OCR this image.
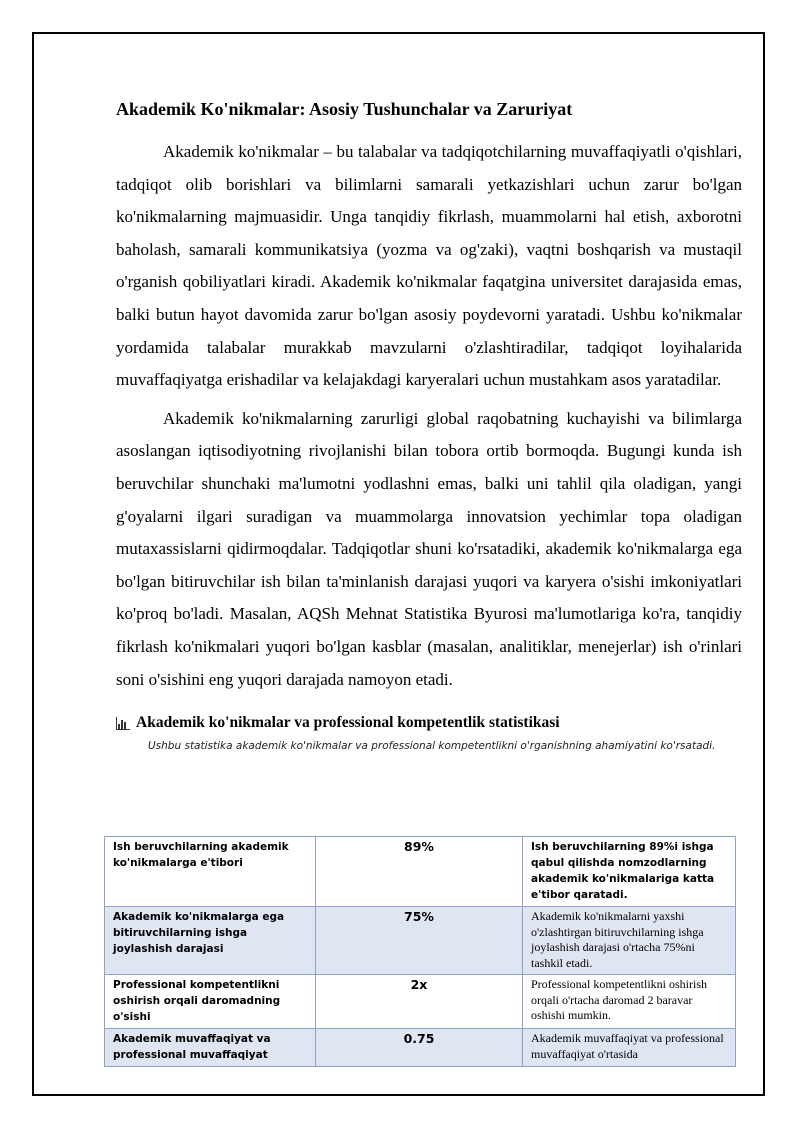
Akademik Ko'nikmalar: Asosiy Tushunchalar va Zaruriyat

Akademik ko'nikmalar – bu talabalar va tadqiqotchilarning muvaffaqiyatli o'qishlari, tadqiqot olib borishlari va bilimlarni samarali yetkazishlari uchun zarur bo'lgan ko'nikmalarning majmuasidir. Unga tanqidiy fikrlash, muammolarni hal etish, axborotni baholash, samarali kommunikatsiya (yozma va og'zaki), vaqtni boshqarish va mustaqil o'rganish qobiliyatlari kiradi. Akademik ko'nikmalar faqatgina universitet darajasida emas, balki butun hayot davomida zarur bo'lgan asosiy poydevorni yaratadi. Ushbu ko'nikmalar yordamida talabalar murakkab mavzularni o'zlashtiradilar, tadqiqot loyihalarida muvaffaqiyatga erishadilar va kelajakdagi karyeralari uchun mustahkam asos yaratadilar.

Akademik ko'nikmalarning zarurligi global raqobatning kuchayishi va bilimlarga asoslangan iqtisodiyotning rivojlanishi bilan tobora ortib bormoqda. Bugungi kunda ish beruvchilar shunchaki ma'lumotni yodlashni emas, balki uni tahlil qila oladigan, yangi g'oyalarni ilgari suradigan va muammolarga innovatsion yechimlar topa oladigan mutaxassislarni qidirmoqdalar. Tadqiqotlar shuni ko'rsatadiki, akademik ko'nikmalarga ega bo'lgan bitiruvchilar ish bilan ta'minlanish darajasi yuqori va karyera o'sishi imkoniyatlari ko'proq bo'ladi. Masalan, AQSh Mehnat Statistika Byurosi ma'lumotlariga ko'ra, tanqidiy fikrlash ko'nikmalari yuqori bo'lgan kasblar (masalan, analitiklar, menejerlar) ish o'rinlari soni o'sishini eng yuqori darajada namoyon etadi.

Akademik ko'nikmalar va professional kompetentlik statistikasi
Ushbu statistika akademik ko'nikmalar va professional kompetentlikni o'rganishning ahamiyatini ko'rsatadi.
Ish beruvchilarning akademik ko'nikmalarga e'tibori	89%	Ish beruvchilarning 89%i ishga qabul qilishda nomzodlarning akademik ko'nikmalariga katta e'tibor qaratadi.
Akademik ko'nikmalarga ega bitiruvchilarning ishga joylashish darajasi	75%	Akademik ko'nikmalarni yaxshi o'zlashtirgan bitiruvchilarning ishga joylashish darajasi o'rtacha 75%ni tashkil etadi.
Professional kompetentlikni oshirish orqali daromadning o'sishi	2x	Professional kompetentlikni oshirish orqali o'rtacha daromad 2 baravar oshishi mumkin.
Akademik muvaffaqiyat va professional muvaffaqiyat	0.75	Akademik muvaffaqiyat va professional muvaffaqiyat o'rtasida
